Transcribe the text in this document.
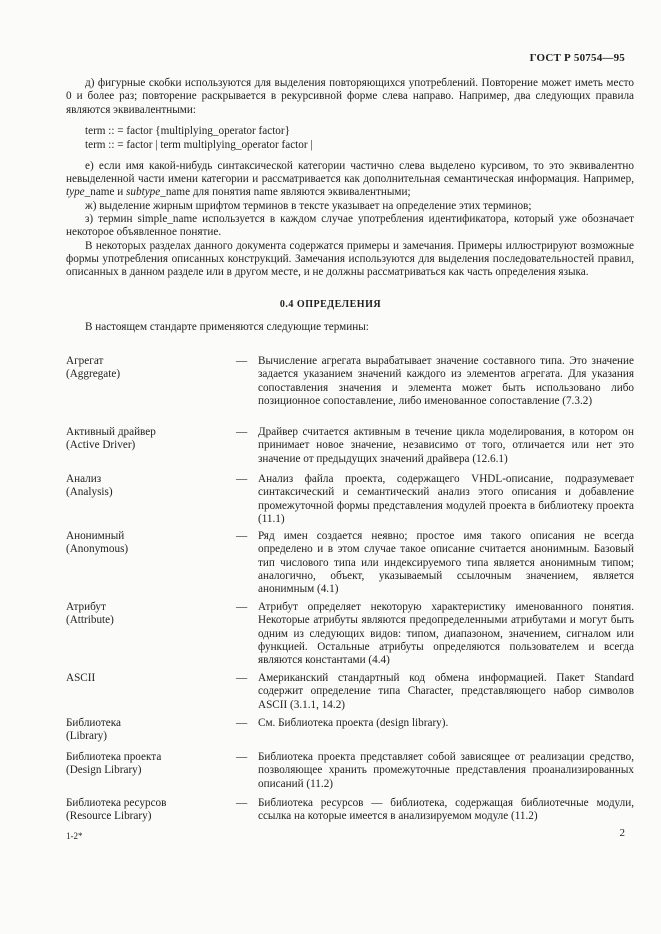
ГОСТ Р 50754—95

д) фигурные скобки используются для выделения повторяющихся употреблений. Повторение может иметь место 0 и более раз; повторение раскрывается в рекурсивной форме слева направо. Например, два следующих правила являются эквивалентными:

term :: = factor {multiplying_operator factor}
term :: = factor | term multiplying_operator factor |

е) если имя какой-нибудь синтаксической категории частично слева выделено курсивом, то это эквивалентно невыделенной части имени категории и рассматривается как дополнительная семантическая информация. Например, type_name и subtype_name для понятия name являются эквивалентными;

ж) выделение жирным шрифтом терминов в тексте указывает на определение этих терминов;

з) термин simple_name используется в каждом случае употребления идентификатора, который уже обозначает некоторое объявленное понятие.

В некоторых разделах данного документа содержатся примеры и замечания. Примеры иллюстрируют возможные формы употребления описанных конструкций. Замечания используются для выделения последовательностей правил, описанных в данном разделе или в другом месте, и не должны рассматриваться как часть определения языка.

0.4 ОПРЕДЕЛЕНИЯ
В настоящем стандарте применяются следующие термины:
Агрегат
(Aggregate)
— Вычисление агрегата вырабатывает значение составного типа. Это значение задается указанием значений каждого из элементов агрегата. Для указания сопоставления значения и элемента может быть использовано либо позиционное сопоставление, либо именованное сопоставление (7.3.2)
Активный драйвер
(Active Driver)
— Драйвер считается активным в течение цикла моделирования, в котором он принимает новое значение, независимо от того, отличается или нет это значение от предыдущих значений драйвера (12.6.1)
Анализ
(Analysis)
— Анализ файла проекта, содержащего VHDL-описание, подразумевает синтаксический и семантический анализ этого описания и добавление промежуточной формы представления модулей проекта в библиотеку проекта (11.1)
Анонимный
(Anonymous)
— Ряд имен создается неявно; простое имя такого описания не всегда определено и в этом случае такое описание считается анонимным. Базовый тип числового типа или индексируемого типа является анонимным типом; аналогично, объект, указываемый ссылочным значением, является анонимным (4.1)
Атрибут
(Attribute)
— Атрибут определяет некоторую характеристику именованного понятия. Некоторые атрибуты являются предопределенными атрибутами и могут быть одним из следующих видов: типом, диапазоном, значением, сигналом или функцией. Остальные атрибуты определяются пользователем и всегда являются константами (4.4)
ASCII	— Американский стандартный код обмена информацией. Пакет Standard содержит определение типа Character, представляющего набор символов ASCII (3.1.1, 14.2)
Библиотека
(Library)
— См. Библиотека проекта (design library).
Библиотека проекта
(Design Library)
— Библиотека проекта представляет собой зависящее от реализации средство, позволяющее хранить промежуточные представления проанализированных описаний (11.2)
Библиотека ресурсов
(Resource Library)
— Библиотека ресурсов — библиотека, содержащая библиотечные модули, ссылка на которые имеется в анализируемом модуле (11.2)
1-2*	2
